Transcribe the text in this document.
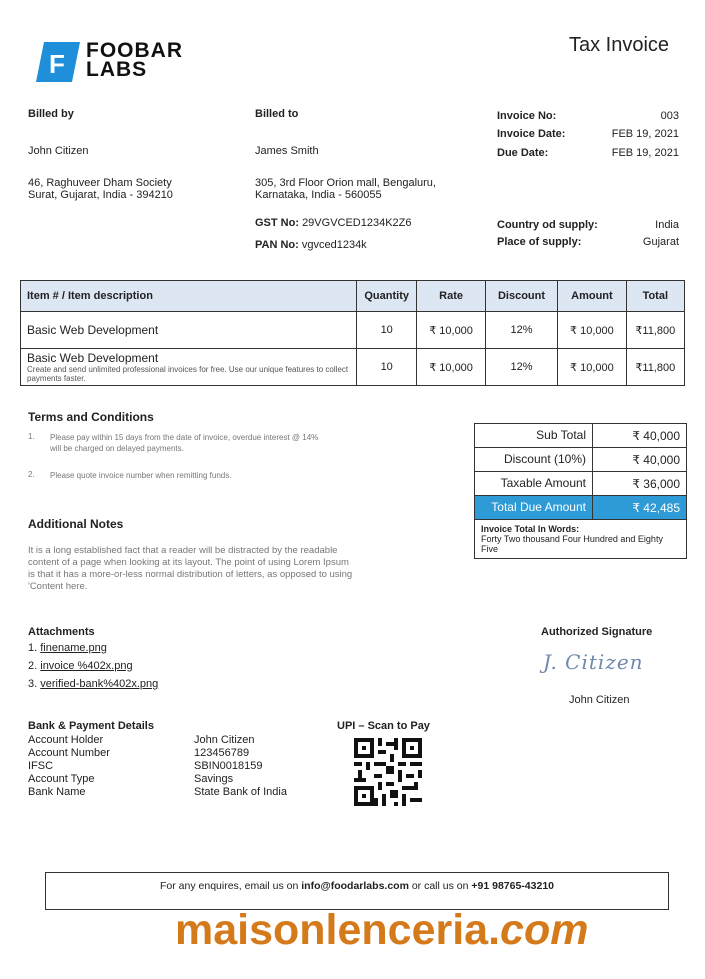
F FOOBAR
LABS
Tax Invoice
Billed by
John Citizen
46, Raghuveer Dham Society
Surat, Gujarat, India - 394210
Billed to
James Smith
305, 3rd Floor Orion mall, Bengaluru,
Karnataka, India - 560055
GST No: 29VGVCED1234K2Z6
PAN No: vgvced1234k
Invoice No:	003
Invoice Date:	FEB 19, 2021
Due Date:	FEB 19, 2021
Country od supply:	India
Place of supply:	Gujarat
Item # / Item description	Quantity	Rate	Discount	Amount	Total

Basic Web Development	10	₹ 10,000	12%	₹ 10,000	₹11,800

Basic Web Development
Create and send unlimited professional invoices for free. Use our unique features to collect payments faster.	10	₹ 10,000	12%	₹ 10,000	₹11,800
Terms and Conditions
1.	Please pay within 15 days from the date of invoice, overdue interest @ 14% will be charged on delayed payments.
2.	Please quote invoice number when remitting funds.
Additional Notes
It is a long established fact that a reader will be distracted by the readable content of a page when looking at its layout. The point of using Lorem Ipsum is that it has a more-or-less normal distribution of letters, as opposed to using 'Content here.
Sub Total	₹ 40,000
Discount (10%)	₹ 40,000
Taxable Amount	₹ 36,000
Total Due Amount	₹ 42,485
Invoice Total In Words:
Forty Two thousand Four Hundred and Eighty Five
Attachments
1. finename.png
2. invoice %402x.png
3. verified-bank%402x.png
Authorized Signature
J. Citizen
John Citizen
Bank & Payment Details
Account Holder	John Citizen
Account Number	123456789
IFSC	SBIN0018159
Account Type	Savings
Bank Name	State Bank of India
UPI – Scan to Pay
For any enquires, email us on info@foodarlabs.com or call us on +91 98765-43210
maisonlenceria.com
